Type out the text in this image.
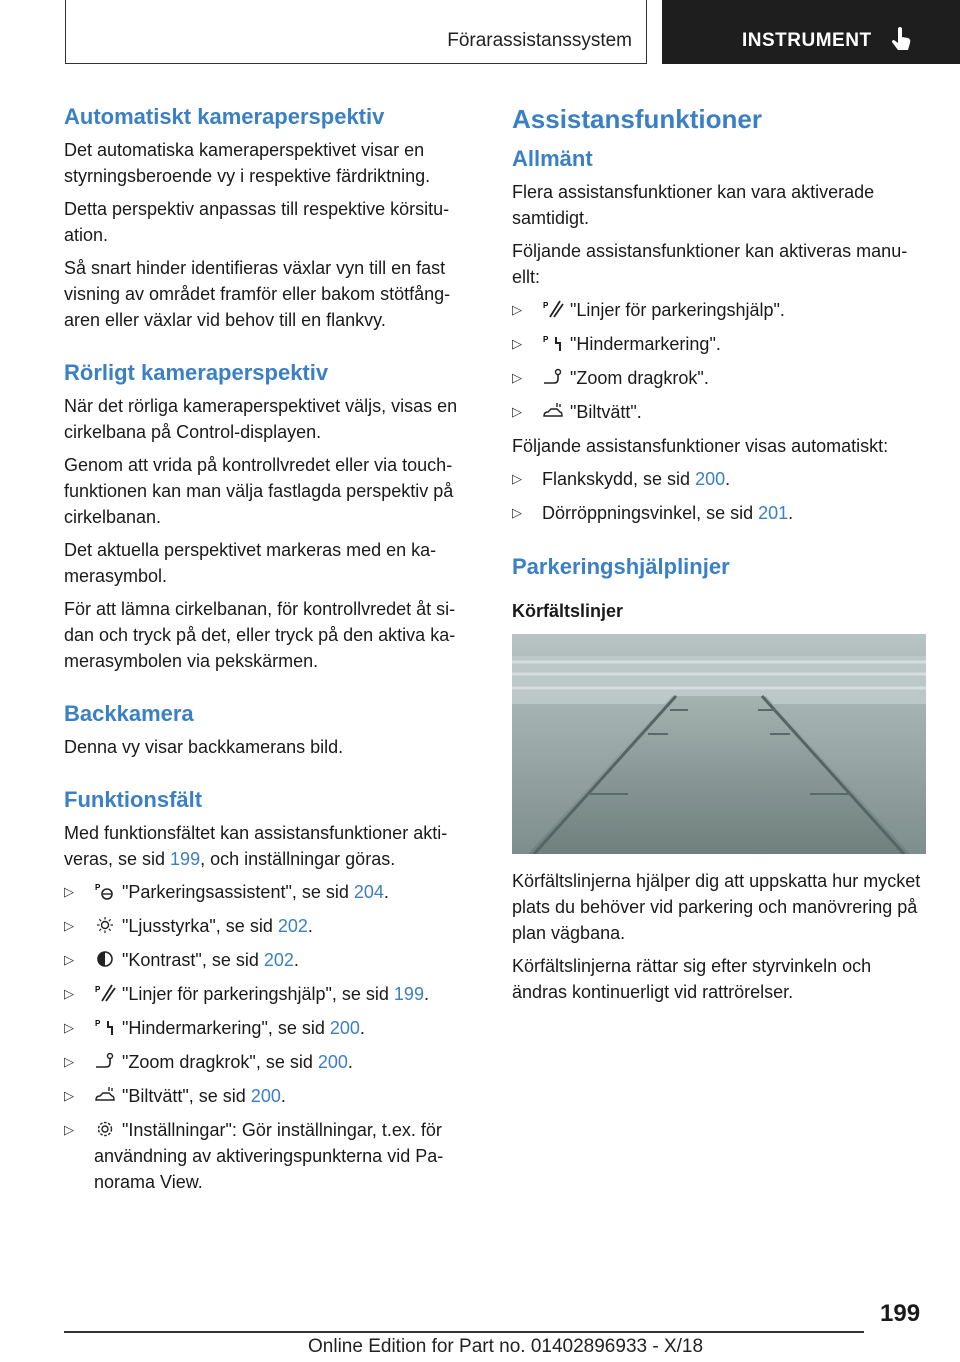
Förarassistanssystem	INSTRUMENT
Automatiskt kameraperspektiv

Det automatiska kameraperspektivet visar en styrningsberoende vy i respektive färdriktning.

Detta perspektiv anpassas till respektive körsituation.

Så snart hinder identifieras växlar vyn till en fast visning av området framför eller bakom stötfångaren eller växlar vid behov till en flankvy.

Rörligt kameraperspektiv

När det rörliga kameraperspektivet väljs, visas en cirkelbana på Control-displayen.

Genom att vrida på kontrollvredet eller via touchfunktionen kan man välja fastlagda perspektiv på cirkelbanan.

Det aktuella perspektivet markeras med en kamerasymbol.

För att lämna cirkelbanan, för kontrollvredet åt sidan och tryck på det, eller tryck på den aktiva kamerasymbolen via pekskärmen.

Backkamera

Denna vy visar backkamerans bild.

Funktionsfält

Med funktionsfältet kan assistansfunktioner aktiveras, se sid 199, och inställningar göras.

▷	P "Parkeringsassistent", se sid 204.
▷	"Ljusstyrka", se sid 202.
▷	"Kontrast", se sid 202.
▷	P "Linjer för parkeringshjälp", se sid 199.
▷	P "Hindermarkering", se sid 200.
▷	"Zoom dragkrok", se sid 200.
▷	"Biltvätt", se sid 200.
▷	"Inställningar": Gör inställningar, t.ex. för användning av aktiveringspunkterna vid Panorama View.
Assistansfunktioner
Allmänt

Flera assistansfunktioner kan vara aktiverade samtidigt.

Följande assistansfunktioner kan aktiveras manuellt:

▷	P "Linjer för parkeringshjälp".
▷	P "Hindermarkering".
▷	"Zoom dragkrok".
▷	"Biltvätt".

Följande assistansfunktioner visas automatiskt:

▷ Flankskydd, se sid 200.
▷ Dörröppningsvinkel, se sid 201.
Parkeringshjälplinjer
Körfältslinjer

Körfältslinjerna hjälper dig att uppskatta hur mycket plats du behöver vid parkering och manövrering på plan vägbana.

Körfältslinjerna rättar sig efter styrvinkeln och ändras kontinuerligt vid rattrörelser.

199
Online Edition for Part no. 01402896933 - X/18
